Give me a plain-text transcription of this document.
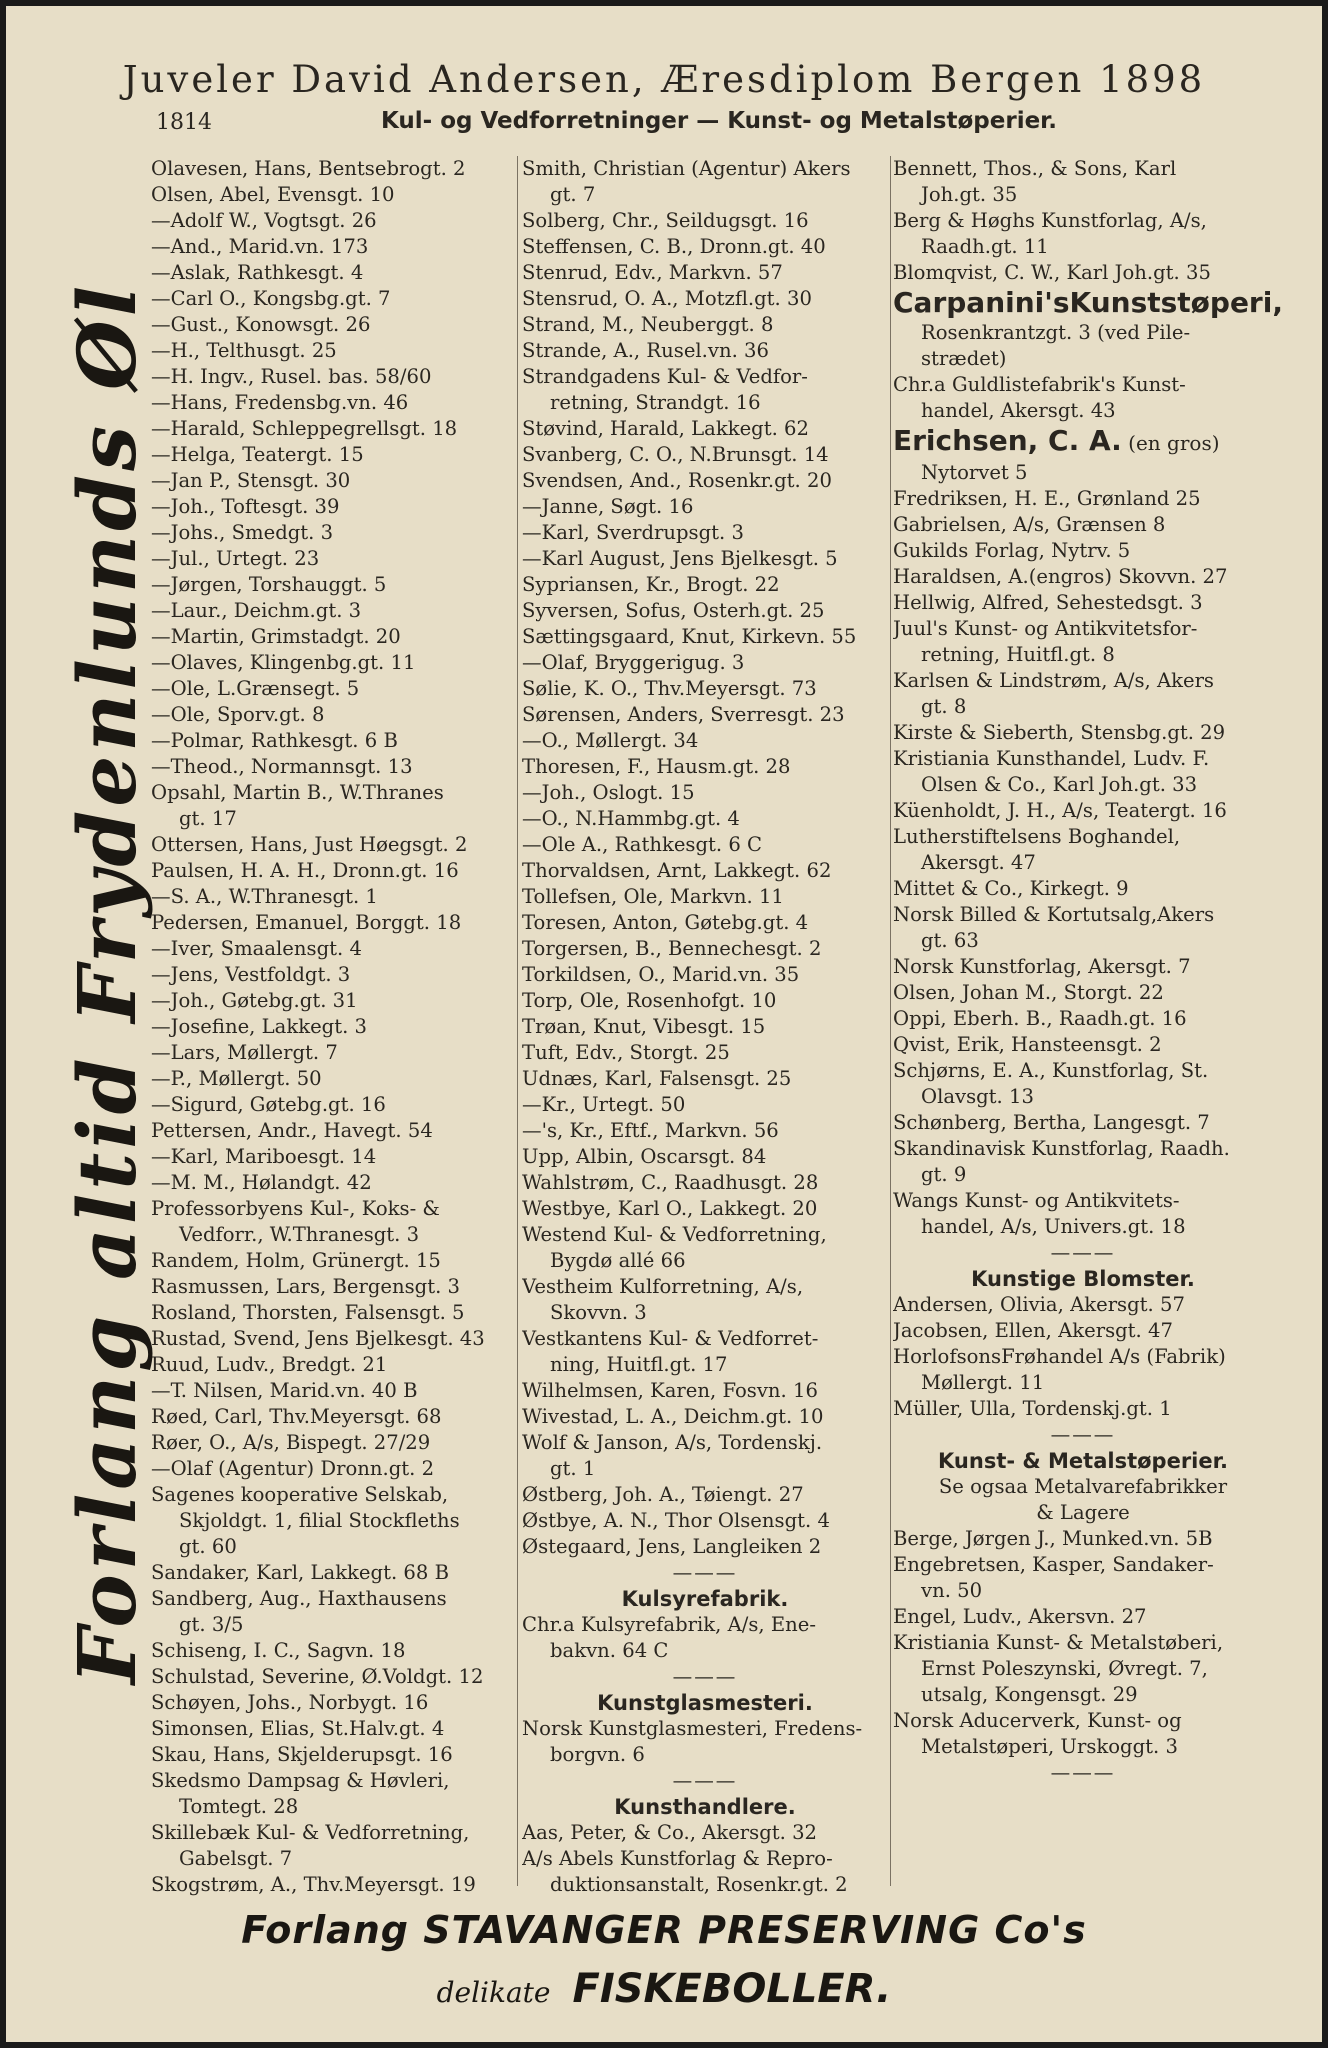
Juveler David Andersen, Æresdiplom Bergen 1898
1814	Kul- og Vedforretninger — Kunst- og Metalstøperier.
Forlang altid Frydenlunds Øl
Olavesen, Hans, Bentsebrogt. 2
Olsen, Abel, Evensgt. 10
—Adolf W., Vogtsgt. 26
—And., Marid.vn. 173
—Aslak, Rathkesgt. 4
—Carl O., Kongsbg.gt. 7
—Gust., Konowsgt. 26
—H., Telthusgt. 25
—H. Ingv., Rusel. bas. 58/60
—Hans, Fredensbg.vn. 46
—Harald, Schleppegrellsgt. 18
—Helga, Teatergt. 15
—Jan P., Stensgt. 30
—Joh., Toftesgt. 39
—Johs., Smedgt. 3
—Jul., Urtegt. 23
—Jørgen, Torshauggt. 5
—Laur., Deichm.gt. 3
—Martin, Grimstadgt. 20
—Olaves, Klingenbg.gt. 11
—Ole, L.Grænsegt. 5
—Ole, Sporv.gt. 8
—Polmar, Rathkesgt. 6 B
—Theod., Normannsgt. 13
Opsahl, Martin B., W.Thranes
gt. 17
Ottersen, Hans, Just Høegsgt. 2
Paulsen, H. A. H., Dronn.gt. 16
—S. A., W.Thranesgt. 1
Pedersen, Emanuel, Borggt. 18
—Iver, Smaalensgt. 4
—Jens, Vestfoldgt. 3
—Joh., Gøtebg.gt. 31
—Josefine, Lakkegt. 3
—Lars, Møllergt. 7
—P., Møllergt. 50
—Sigurd, Gøtebg.gt. 16
Pettersen, Andr., Havegt. 54
—Karl, Mariboesgt. 14
—M. M., Hølandgt. 42
Professorbyens Kul-, Koks- &
Vedforr., W.Thranesgt. 3
Randem, Holm, Grünergt. 15
Rasmussen, Lars, Bergensgt. 3
Rosland, Thorsten, Falsensgt. 5
Rustad, Svend, Jens Bjelkesgt. 43
Ruud, Ludv., Bredgt. 21
—T. Nilsen, Marid.vn. 40 B
Røed, Carl, Thv.Meyersgt. 68
Røer, O., A/s, Bispegt. 27/29
—Olaf (Agentur) Dronn.gt. 2
Sagenes kooperative Selskab,
Skjoldgt. 1, filial Stockfleths
gt. 60
Sandaker, Karl, Lakkegt. 68 B
Sandberg, Aug., Haxthausens
gt. 3/5
Schiseng, I. C., Sagvn. 18
Schulstad, Severine, Ø.Voldgt. 12
Schøyen, Johs., Norbygt. 16
Simonsen, Elias, St.Halv.gt. 4
Skau, Hans, Skjelderupsgt. 16
Skedsmo Dampsag & Høvleri,
Tomtegt. 28
Skillebæk Kul- & Vedforretning,
Gabelsgt. 7
Skogstrøm, A., Thv.Meyersgt. 19
Smith, Christian (Agentur) Akers
gt. 7
Solberg, Chr., Seildugsgt. 16
Steffensen, C. B., Dronn.gt. 40
Stenrud, Edv., Markvn. 57
Stensrud, O. A., Motzfl.gt. 30
Strand, M., Neuberggt. 8
Strande, A., Rusel.vn. 36
Strandgadens Kul- & Vedfor-
retning, Strandgt. 16
Støvind, Harald, Lakkegt. 62
Svanberg, C. O., N.Brunsgt. 14
Svendsen, And., Rosenkr.gt. 20
—Janne, Søgt. 16
—Karl, Sverdrupsgt. 3
—Karl August, Jens Bjelkesgt. 5
Sypriansen, Kr., Brogt. 22
Syversen, Sofus, Osterh.gt. 25
Sættingsgaard, Knut, Kirkevn. 55
—Olaf, Bryggerigug. 3
Sølie, K. O., Thv.Meyersgt. 73
Sørensen, Anders, Sverresgt. 23
—O., Møllergt. 34
Thoresen, F., Hausm.gt. 28
—Joh., Oslogt. 15
—O., N.Hammbg.gt. 4
—Ole A., Rathkesgt. 6 C
Thorvaldsen, Arnt, Lakkegt. 62
Tollefsen, Ole, Markvn. 11
Toresen, Anton, Gøtebg.gt. 4
Torgersen, B., Bennechesgt. 2
Torkildsen, O., Marid.vn. 35
Torp, Ole, Rosenhofgt. 10
Trøan, Knut, Vibesgt. 15
Tuft, Edv., Storgt. 25
Udnæs, Karl, Falsensgt. 25
—Kr., Urtegt. 50
—'s, Kr., Eftf., Markvn. 56
Upp, Albin, Oscarsgt. 84
Wahlstrøm, C., Raadhusgt. 28
Westbye, Karl O., Lakkegt. 20
Westend Kul- & Vedforretning,
Bygdø allé 66
Vestheim Kulforretning, A/s,
Skovvn. 3
Vestkantens Kul- & Vedforret-
ning, Huitfl.gt. 17
Wilhelmsen, Karen, Fosvn. 16
Wivestad, L. A., Deichm.gt. 10
Wolf & Janson, A/s, Tordenskj.
gt. 1
Østberg, Joh. A., Tøiengt. 27
Østbye, A. N., Thor Olsensgt. 4
Østegaard, Jens, Langleiken 2
———
Kulsyrefabrik.
Chr.a Kulsyrefabrik, A/s, Ene-
bakvn. 64 C
———
Kunstglasmesteri.
Norsk Kunstglasmesteri, Fredens-
borgvn. 6
———
Kunsthandlere.
Aas, Peter, & Co., Akersgt. 32
A/s Abels Kunstforlag & Repro-
duktionsanstalt, Rosenkr.gt. 2
Bennett, Thos., & Sons, Karl
Joh.gt. 35
Berg & Høghs Kunstforlag, A/s,
Raadh.gt. 11
Blomqvist, C. W., Karl Joh.gt. 35
Carpanini'sKunststøperi,
Rosenkrantzgt. 3 (ved Pile-
strædet)
Chr.a Guldlistefabrik's Kunst-
handel, Akersgt. 43
Erichsen, C. A. (en gros)
Nytorvet 5
Fredriksen, H. E., Grønland 25
Gabrielsen, A/s, Grænsen 8
Gukilds Forlag, Nytrv. 5
Haraldsen, A.(engros) Skovvn. 27
Hellwig, Alfred, Sehestedsgt. 3
Juul's Kunst- og Antikvitetsfor-
retning, Huitfl.gt. 8
Karlsen & Lindstrøm, A/s, Akers
gt. 8
Kirste & Sieberth, Stensbg.gt. 29
Kristiania Kunsthandel, Ludv. F.
Olsen & Co., Karl Joh.gt. 33
Küenholdt, J. H., A/s, Teatergt. 16
Lutherstiftelsens Boghandel,
Akersgt. 47
Mittet & Co., Kirkegt. 9
Norsk Billed & Kortutsalg,Akers
gt. 63
Norsk Kunstforlag, Akersgt. 7
Olsen, Johan M., Storgt. 22
Oppi, Eberh. B., Raadh.gt. 16
Qvist, Erik, Hansteensgt. 2
Schjørns, E. A., Kunstforlag, St.
Olavsgt. 13
Schønberg, Bertha, Langesgt. 7
Skandinavisk Kunstforlag, Raadh.
gt. 9
Wangs Kunst- og Antikvitets-
handel, A/s, Univers.gt. 18
———
Kunstige Blomster.
Andersen, Olivia, Akersgt. 57
Jacobsen, Ellen, Akersgt. 47
HorlofsonsFrøhandel A/s (Fabrik)
Møllergt. 11
Müller, Ulla, Tordenskj.gt. 1
———
Kunst- & Metalstøperier.
Se ogsaa Metalvarefabrikker
& Lagere
Berge, Jørgen J., Munked.vn. 5B
Engebretsen, Kasper, Sandaker-
vn. 50
Engel, Ludv., Akersvn. 27
Kristiania Kunst- & Metalstøberi,
Ernst Poleszynski, Øvregt. 7,
utsalg, Kongensgt. 29
Norsk Aducerverk, Kunst- og
Metalstøperi, Urskoggt. 3
———
Forlang STAVANGER PRESERVING Co's
delikate FISKEBOLLER.
